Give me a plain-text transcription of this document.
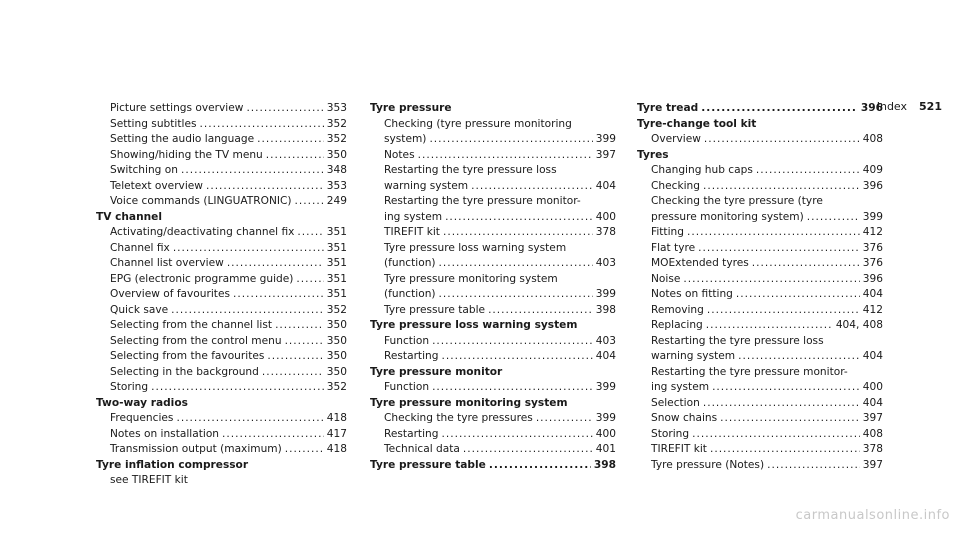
Index 521
Picture settings overview .....	353
Setting subtitles .....	352
Setting the audio language .....	352
Showing/hiding the TV menu .....	350
Switching on .....	348
Teletext overview .....	353
Voice commands (LINGUATRONIC) .....	249
TV channel
Activating/deactivating channel fix .....	351
Channel fix .....	351
Channel list overview .....	351
EPG (electronic programme guide) .....	351
Overview of favourites .....	351
Quick save .....	352
Selecting from the channel list .....	350
Selecting from the control menu .....	350
Selecting from the favourites .....	350
Selecting in the background .....	350
Storing .....	352
Two-way radios
Frequencies .....	418
Notes on installation .....	417
Transmission output (maximum) .....	418
Tyre inflation compressor
see TIREFIT kit
Tyre pressure
Checking (tyre pressure monitoring
system) .....	399
Notes .....	397
Restarting the tyre pressure loss
warning system .....	404
Restarting the tyre pressure monitor-
ing system .....	400
TIREFIT kit .....	378
Tyre pressure loss warning system
(function) .....	403
Tyre pressure monitoring system
(function) .....	399
Tyre pressure table .....	398
Tyre pressure loss warning system
Function .....	403
Restarting .....	404
Tyre pressure monitor
Function .....	399
Tyre pressure monitoring system
Checking the tyre pressures .....	399
Restarting .....	400
Technical data .....	401
Tyre pressure table .....	398
Tyre tread .....	396
Tyre-change tool kit
Overview .....	408
Tyres
Changing hub caps .....	409
Checking .....	396
Checking the tyre pressure (tyre
pressure monitoring system) .....	399
Fitting .....	412
Flat tyre .....	376
MOExtended tyres .....	376
Noise .....	396
Notes on fitting .....	404
Removing .....	412
Replacing .....	404, 408
Restarting the tyre pressure loss
warning system .....	404
Restarting the tyre pressure monitor-
ing system .....	400
Selection .....	404
Snow chains .....	397
Storing .....	408
TIREFIT kit .....	378
Tyre pressure (Notes) .....	397
carmanualsonline.info
